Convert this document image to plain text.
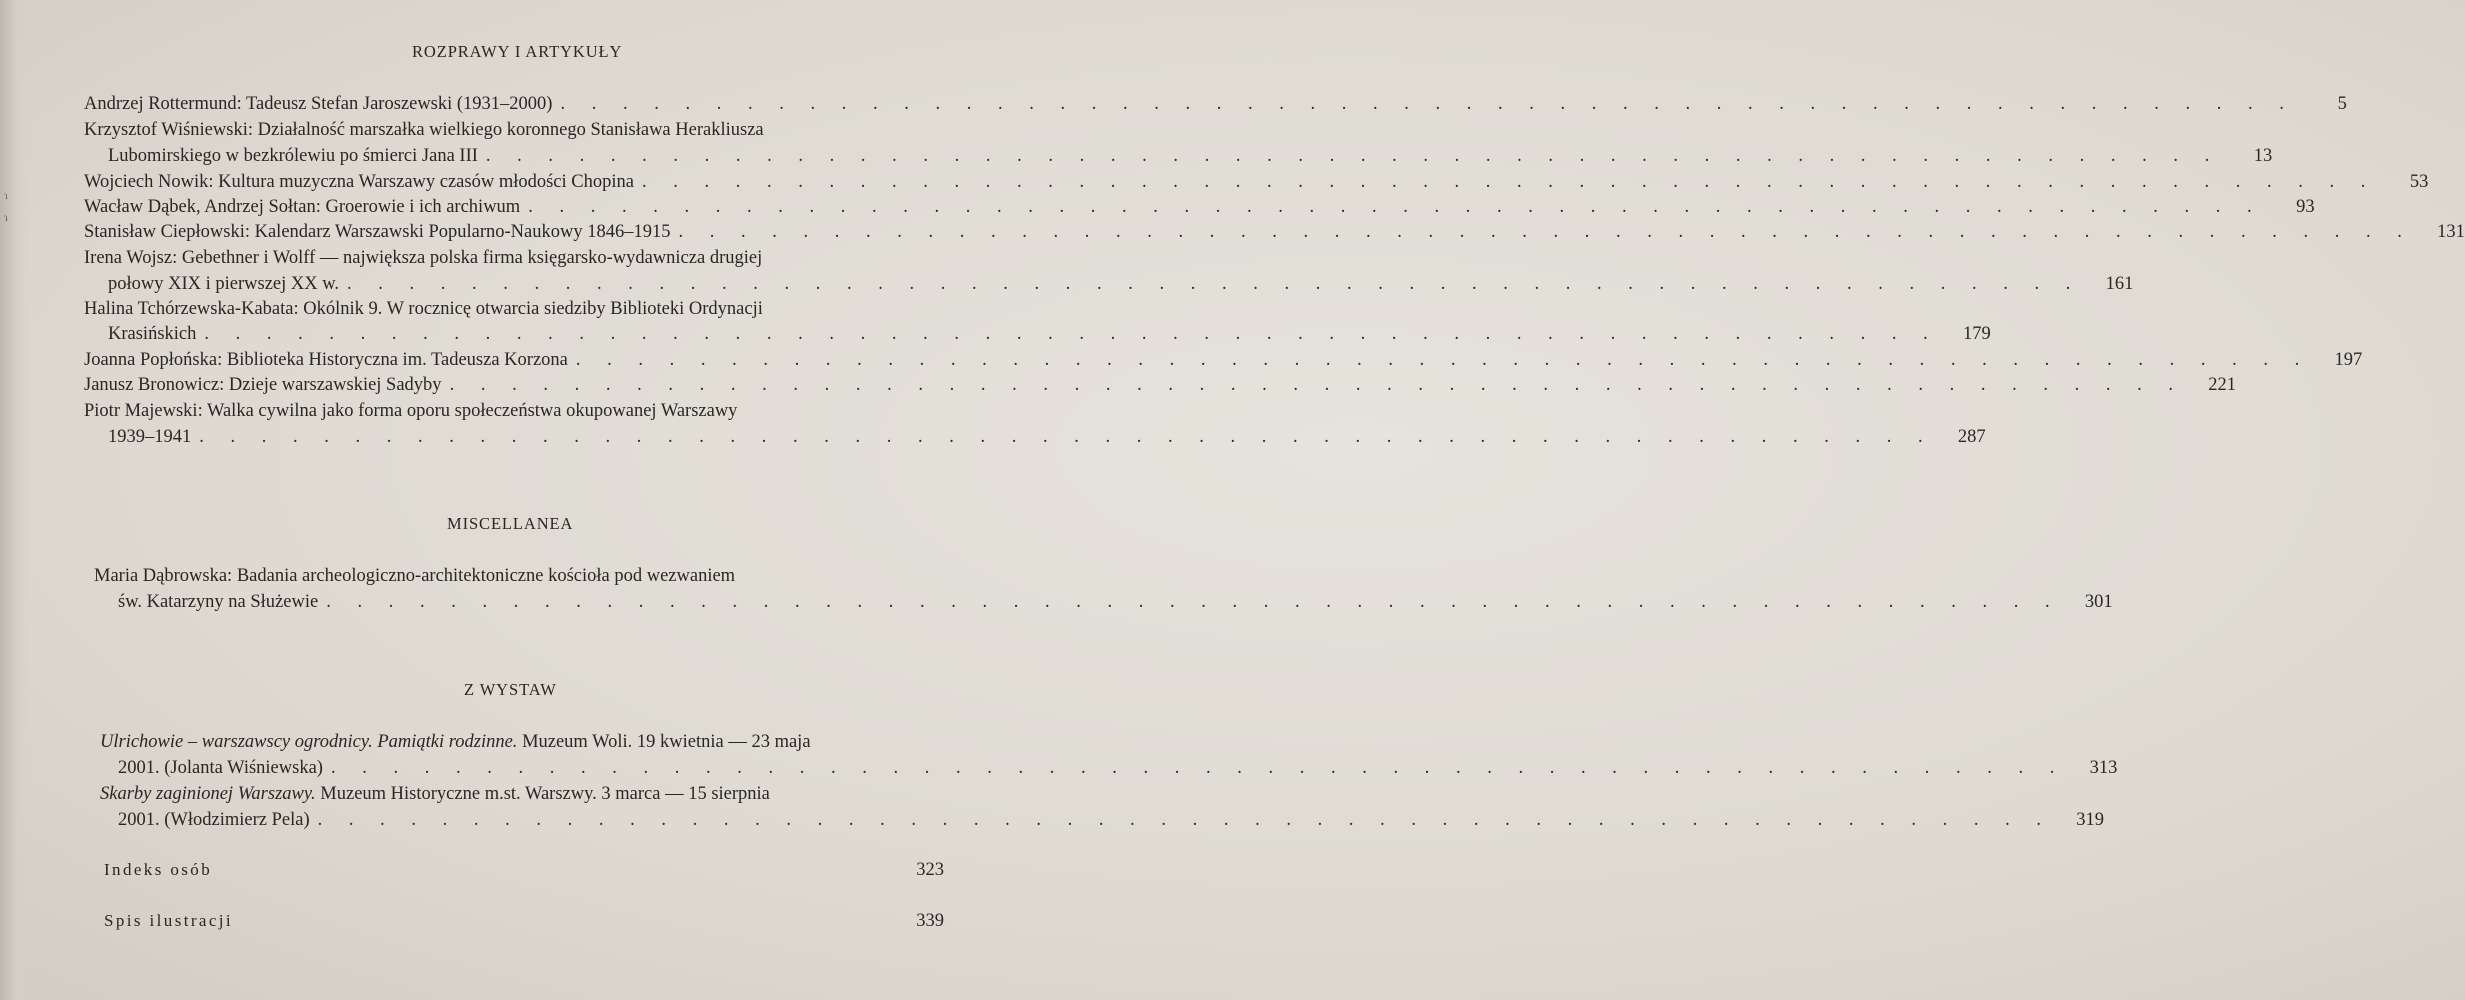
ɿ
ɿ
ROZPRAWY I ARTYKUŁY
Andrzej Rottermund: Tadeusz Stefan Jaroszewski (1931–2000) . . . . . . . . . . . . . . . . . . . . . . . . . . . . . . . . . . . . . . . . . . . . . . . . . . . . . . . .	5
Krzysztof Wiśniewski: Działalność marszałka wielkiego koronnego Stanisława Herakliusza
Lubomirskiego w bezkrólewiu po śmierci Jana III . . . . . . . . . . . . . . . . . . . . . . . . . . . . . . . . . . . . . . . . . . . . . . . . . . . . . . . .	13
Wojciech Nowik: Kultura muzyczna Warszawy czasów młodości Chopina . . . . . . . . . . . . . . . . . . . . . . . . . . . . . . . . . . . . . . . . . . . . . . . . . . . . . . . .	53
Wacław Dąbek, Andrzej Sołtan: Groerowie i ich archiwum . . . . . . . . . . . . . . . . . . . . . . . . . . . . . . . . . . . . . . . . . . . . . . . . . . . . . . . .	93
Stanisław Ciepłowski: Kalendarz Warszawski Popularno-Naukowy 1846–1915 . . . . . . . . . . . . . . . . . . . . . . . . . . . . . . . . . . . . . . . . . . . . . . . . . . . . . . . .	131
Irena Wojsz: Gebethner i Wolff — największa polska firma księgarsko-wydawnicza drugiej
połowy XIX i pierwszej XX w. . . . . . . . . . . . . . . . . . . . . . . . . . . . . . . . . . . . . . . . . . . . . . . . . . . . . . . . .	161
Halina Tchórzewska-Kabata: Okólnik 9. W rocznicę otwarcia siedziby Biblioteki Ordynacji
Krasińskich . . . . . . . . . . . . . . . . . . . . . . . . . . . . . . . . . . . . . . . . . . . . . . . . . . . . . . . .	179
Joanna Popłońska: Biblioteka Historyczna im. Tadeusza Korzona . . . . . . . . . . . . . . . . . . . . . . . . . . . . . . . . . . . . . . . . . . . . . . . . . . . . . . . .	197
Janusz Bronowicz: Dzieje warszawskiej Sadyby . . . . . . . . . . . . . . . . . . . . . . . . . . . . . . . . . . . . . . . . . . . . . . . . . . . . . . . .	221
Piotr Majewski: Walka cywilna jako forma oporu społeczeństwa okupowanej Warszawy
1939–1941 . . . . . . . . . . . . . . . . . . . . . . . . . . . . . . . . . . . . . . . . . . . . . . . . . . . . . . . .	287
MISCELLANEA
Maria Dąbrowska: Badania archeologiczno-architektoniczne kościoła pod wezwaniem
św. Katarzyny na Służewie . . . . . . . . . . . . . . . . . . . . . . . . . . . . . . . . . . . . . . . . . . . . . . . . . . . . . . . .	301
Z WYSTAW
Ulrichowie – warszawscy ogrodnicy. Pamiątki rodzinne. Muzeum Woli. 19 kwietnia — 23 maja
2001. (Jolanta Wiśniewska) . . . . . . . . . . . . . . . . . . . . . . . . . . . . . . . . . . . . . . . . . . . . . . . . . . . . . . . .	313
Skarby zaginionej Warszawy. Muzeum Historyczne m.st. Warszwy. 3 marca — 15 sierpnia
2001. (Włodzimierz Pela) . . . . . . . . . . . . . . . . . . . . . . . . . . . . . . . . . . . . . . . . . . . . . . . . . . . . . . . .	319
Indeks osób	323
Spis ilustracji	339
